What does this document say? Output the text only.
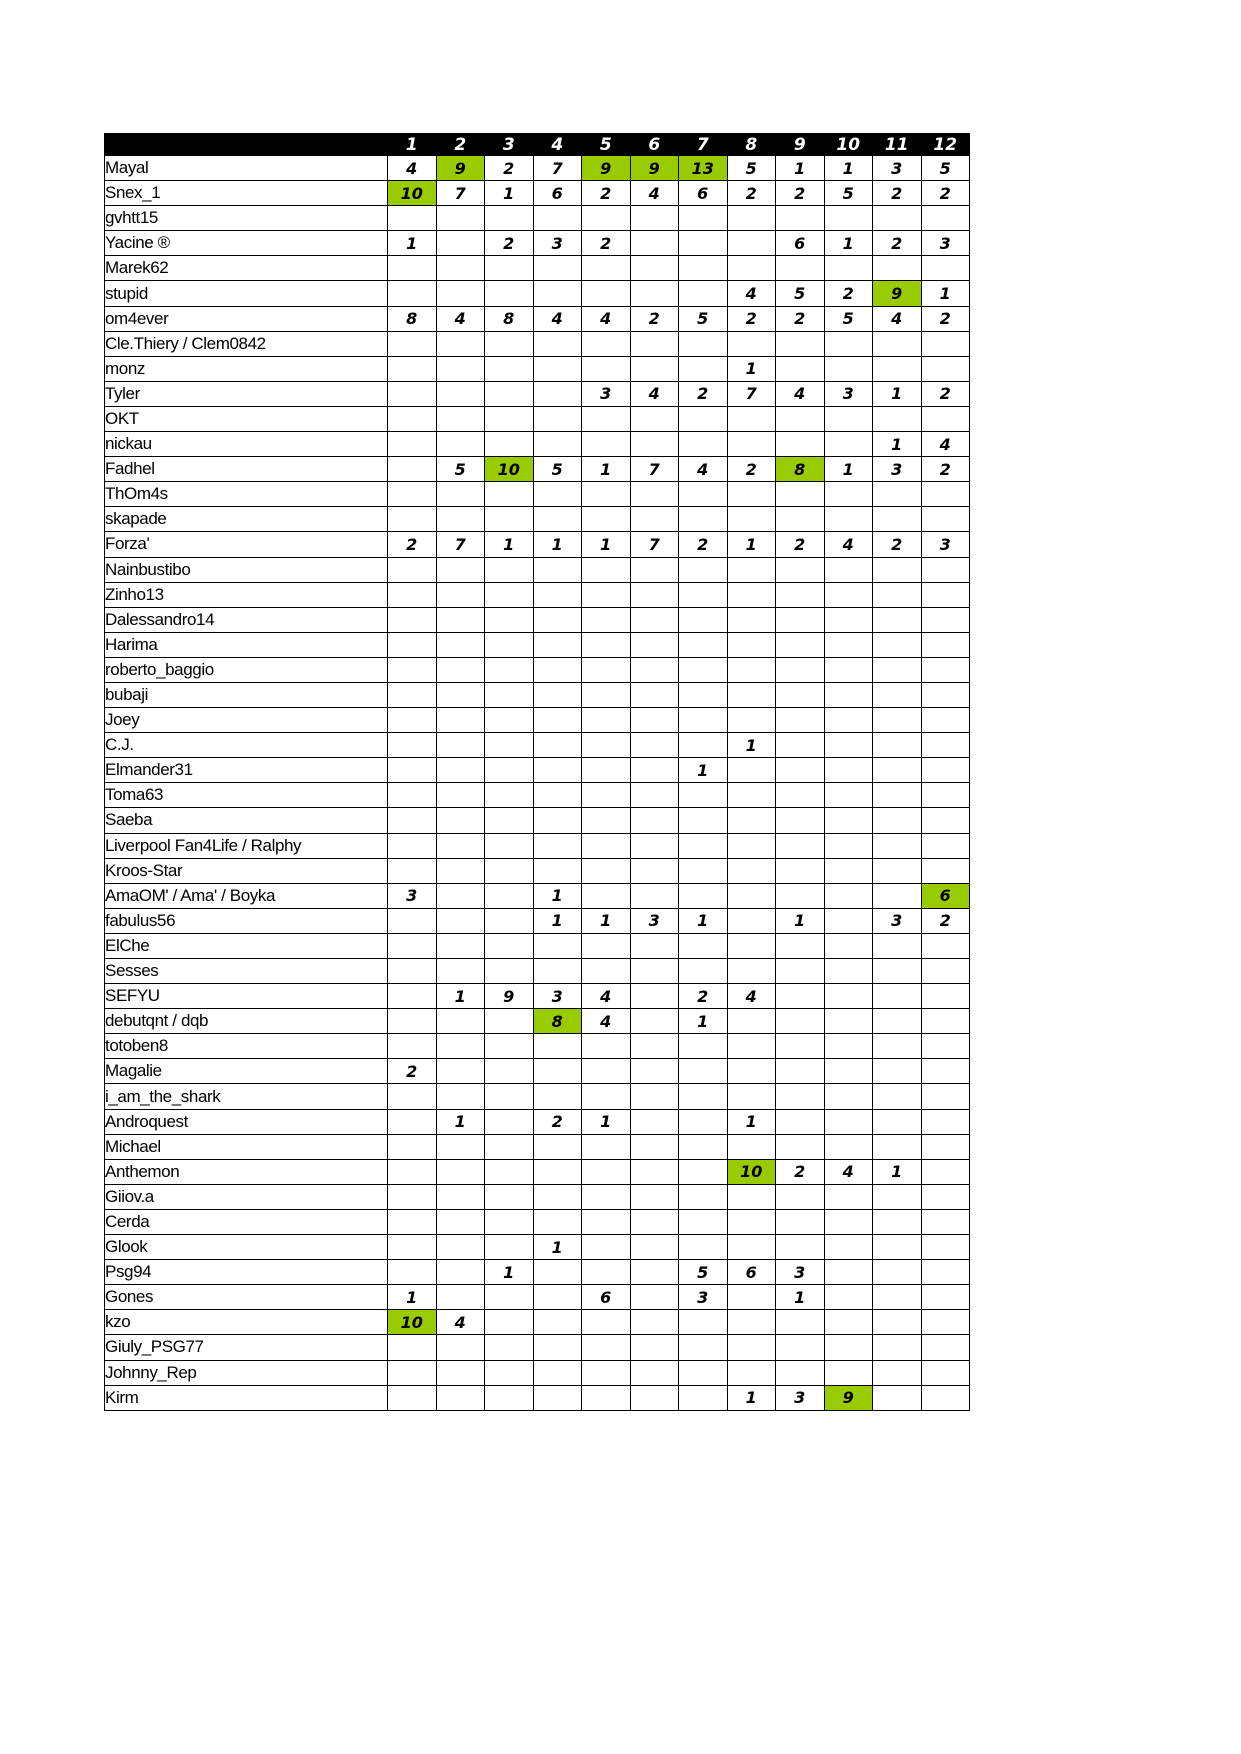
	1	2	3	4	5	6	7	8	9	10	11	12
Mayal	4	9	2	7	9	9	13	5	1	1	3	5
Snex_1	10	7	1	6	2	4	6	2	2	5	2	2
gvhtt15												
Yacine ®	1		2	3	2				6	1	2	3
Marek62												
stupid								4	5	2	9	1
om4ever	8	4	8	4	4	2	5	2	2	5	4	2
Cle.Thiery / Clem0842												
monz								1				
Tyler					3	4	2	7	4	3	1	2
OKT												
nickau											1	4
Fadhel		5	10	5	1	7	4	2	8	1	3	2
ThOm4s												
skapade												
Forza'	2	7	1	1	1	7	2	1	2	4	2	3
Nainbustibo												
Zinho13												
Dalessandro14												
Harima												
roberto_baggio												
bubaji												
Joey												
C.J.								1				
Elmander31							1					
Toma63												
Saeba												
Liverpool Fan4Life / Ralphy												
Kroos-Star												
AmaOM' / Ama' / Boyka	3			1								6
fabulus56				1	1	3	1		1		3	2
ElChe												
Sesses												
SEFYU		1	9	3	4		2	4				
debutqnt / dqb				8	4		1					
totoben8												
Magalie	2											
i_am_the_shark												
Androquest		1		2	1			1				
Michael												
Anthemon								10	2	4	1	
Giiov.a												
Cerda												
Glook				1								
Psg94			1				5	6	3			
Gones	1				6		3		1			
kzo	10	4										
Giuly_PSG77												
Johnny_Rep												
Kirm								1	3	9		
